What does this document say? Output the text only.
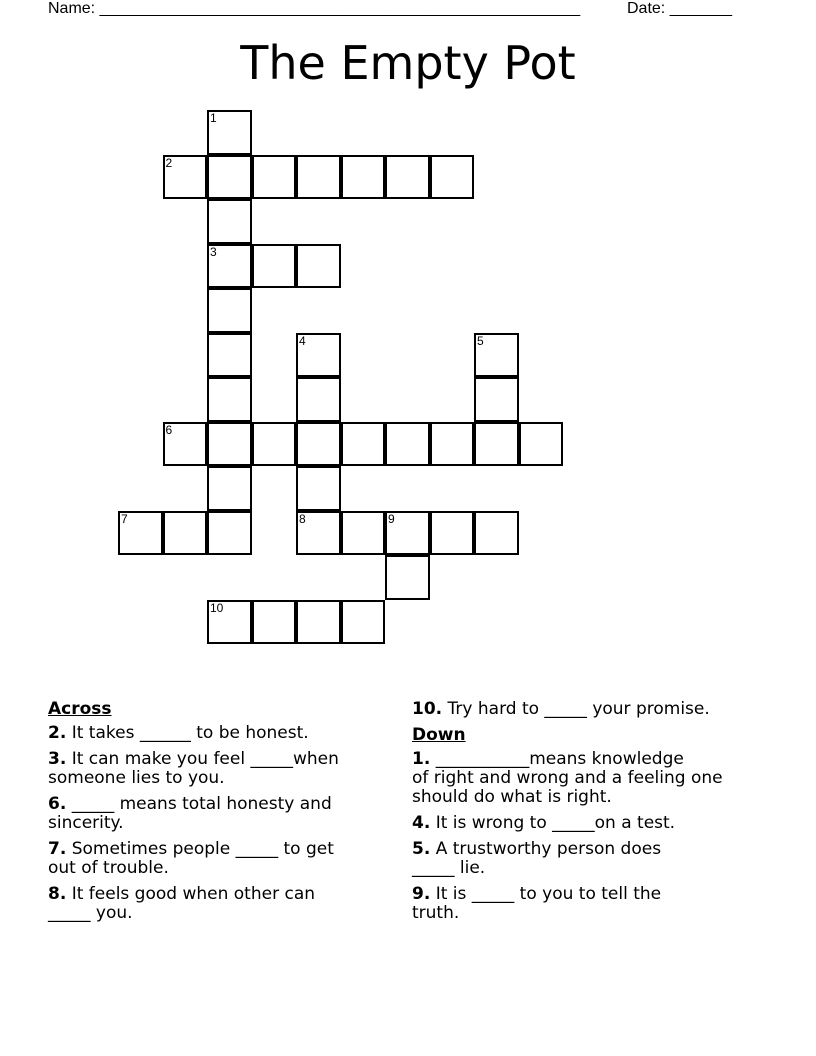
Name: ______________________________________________________	Date: _______
The Empty Pot
1
2
3
4	5
6
7	8	9
10
Across
2. It takes ______ to be honest.
3. It can make you feel _____when
someone lies to you.
6. _____ means total honesty and
sincerity.
7. Sometimes people _____ to get
out of trouble.
8. It feels good when other can
_____ you.
10. Try hard to _____ your promise.
Down
1. ___________means knowledge
of right and wrong and a feeling one
should do what is right.
4. It is wrong to _____on a test.
5. A trustworthy person does
_____ lie.
9. It is _____ to you to tell the
truth.
